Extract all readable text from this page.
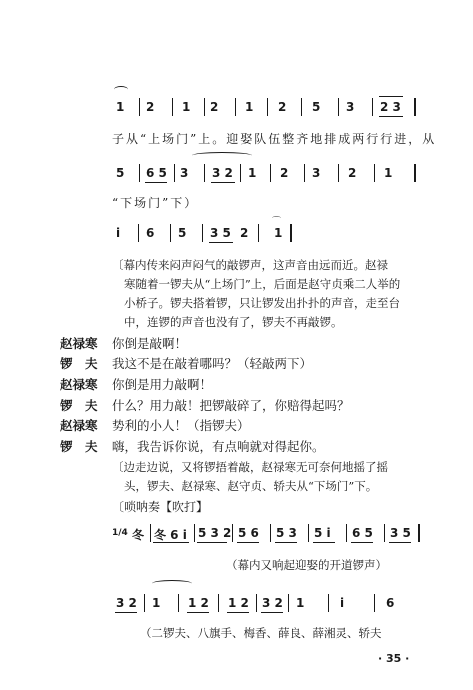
1 2 1 2 1 2 5 3 2 3
子从“上场门”上。迎娶队伍整齐地排成两行行进，从
5 6 5 3 3 2 1 2 3 2 1
“下场门”下）
i 6 5 3 5 2
⌒
1
〔幕内传来闷声闷气的敲锣声，这声音由远而近。赵禄
寒随着一锣夫从“上场门”上，后面是赵守贞乘二人举的
小桥子。锣夫搭着锣，只让锣发出扑扑的声音，走至台
中，连锣的声音也没有了，锣夫不再敲锣。
赵禄寒 你倒是敲啊！
锣　夫 我这不是在敲着哪吗？（轻敲两下）
赵禄寒 你倒是用力敲啊！
锣　夫 什么？用力敲！把锣敲碎了，你赔得起吗？
赵禄寒 势利的小人！（指锣夫）
锣　夫 嗨，我告诉你说，有点响就对得起你。
〔边走边说，又将锣捂着敲，赵禄寒无可奈何地摇了摇
头，锣夫、赵禄寒、赵守贞、轿夫从“下场门”下。
〔唢呐奏【吹打】
1/4 冬 冬 6 i 5 3 2 5 6 5 3 5 i 6 5 3 5
（幕内又响起迎娶的开道锣声）
3 2 1 1 2 1 2 3 2 1	i	6
（二锣夫、八旗手、梅香、薛良、薛湘灵、轿夫
· 35 ·
